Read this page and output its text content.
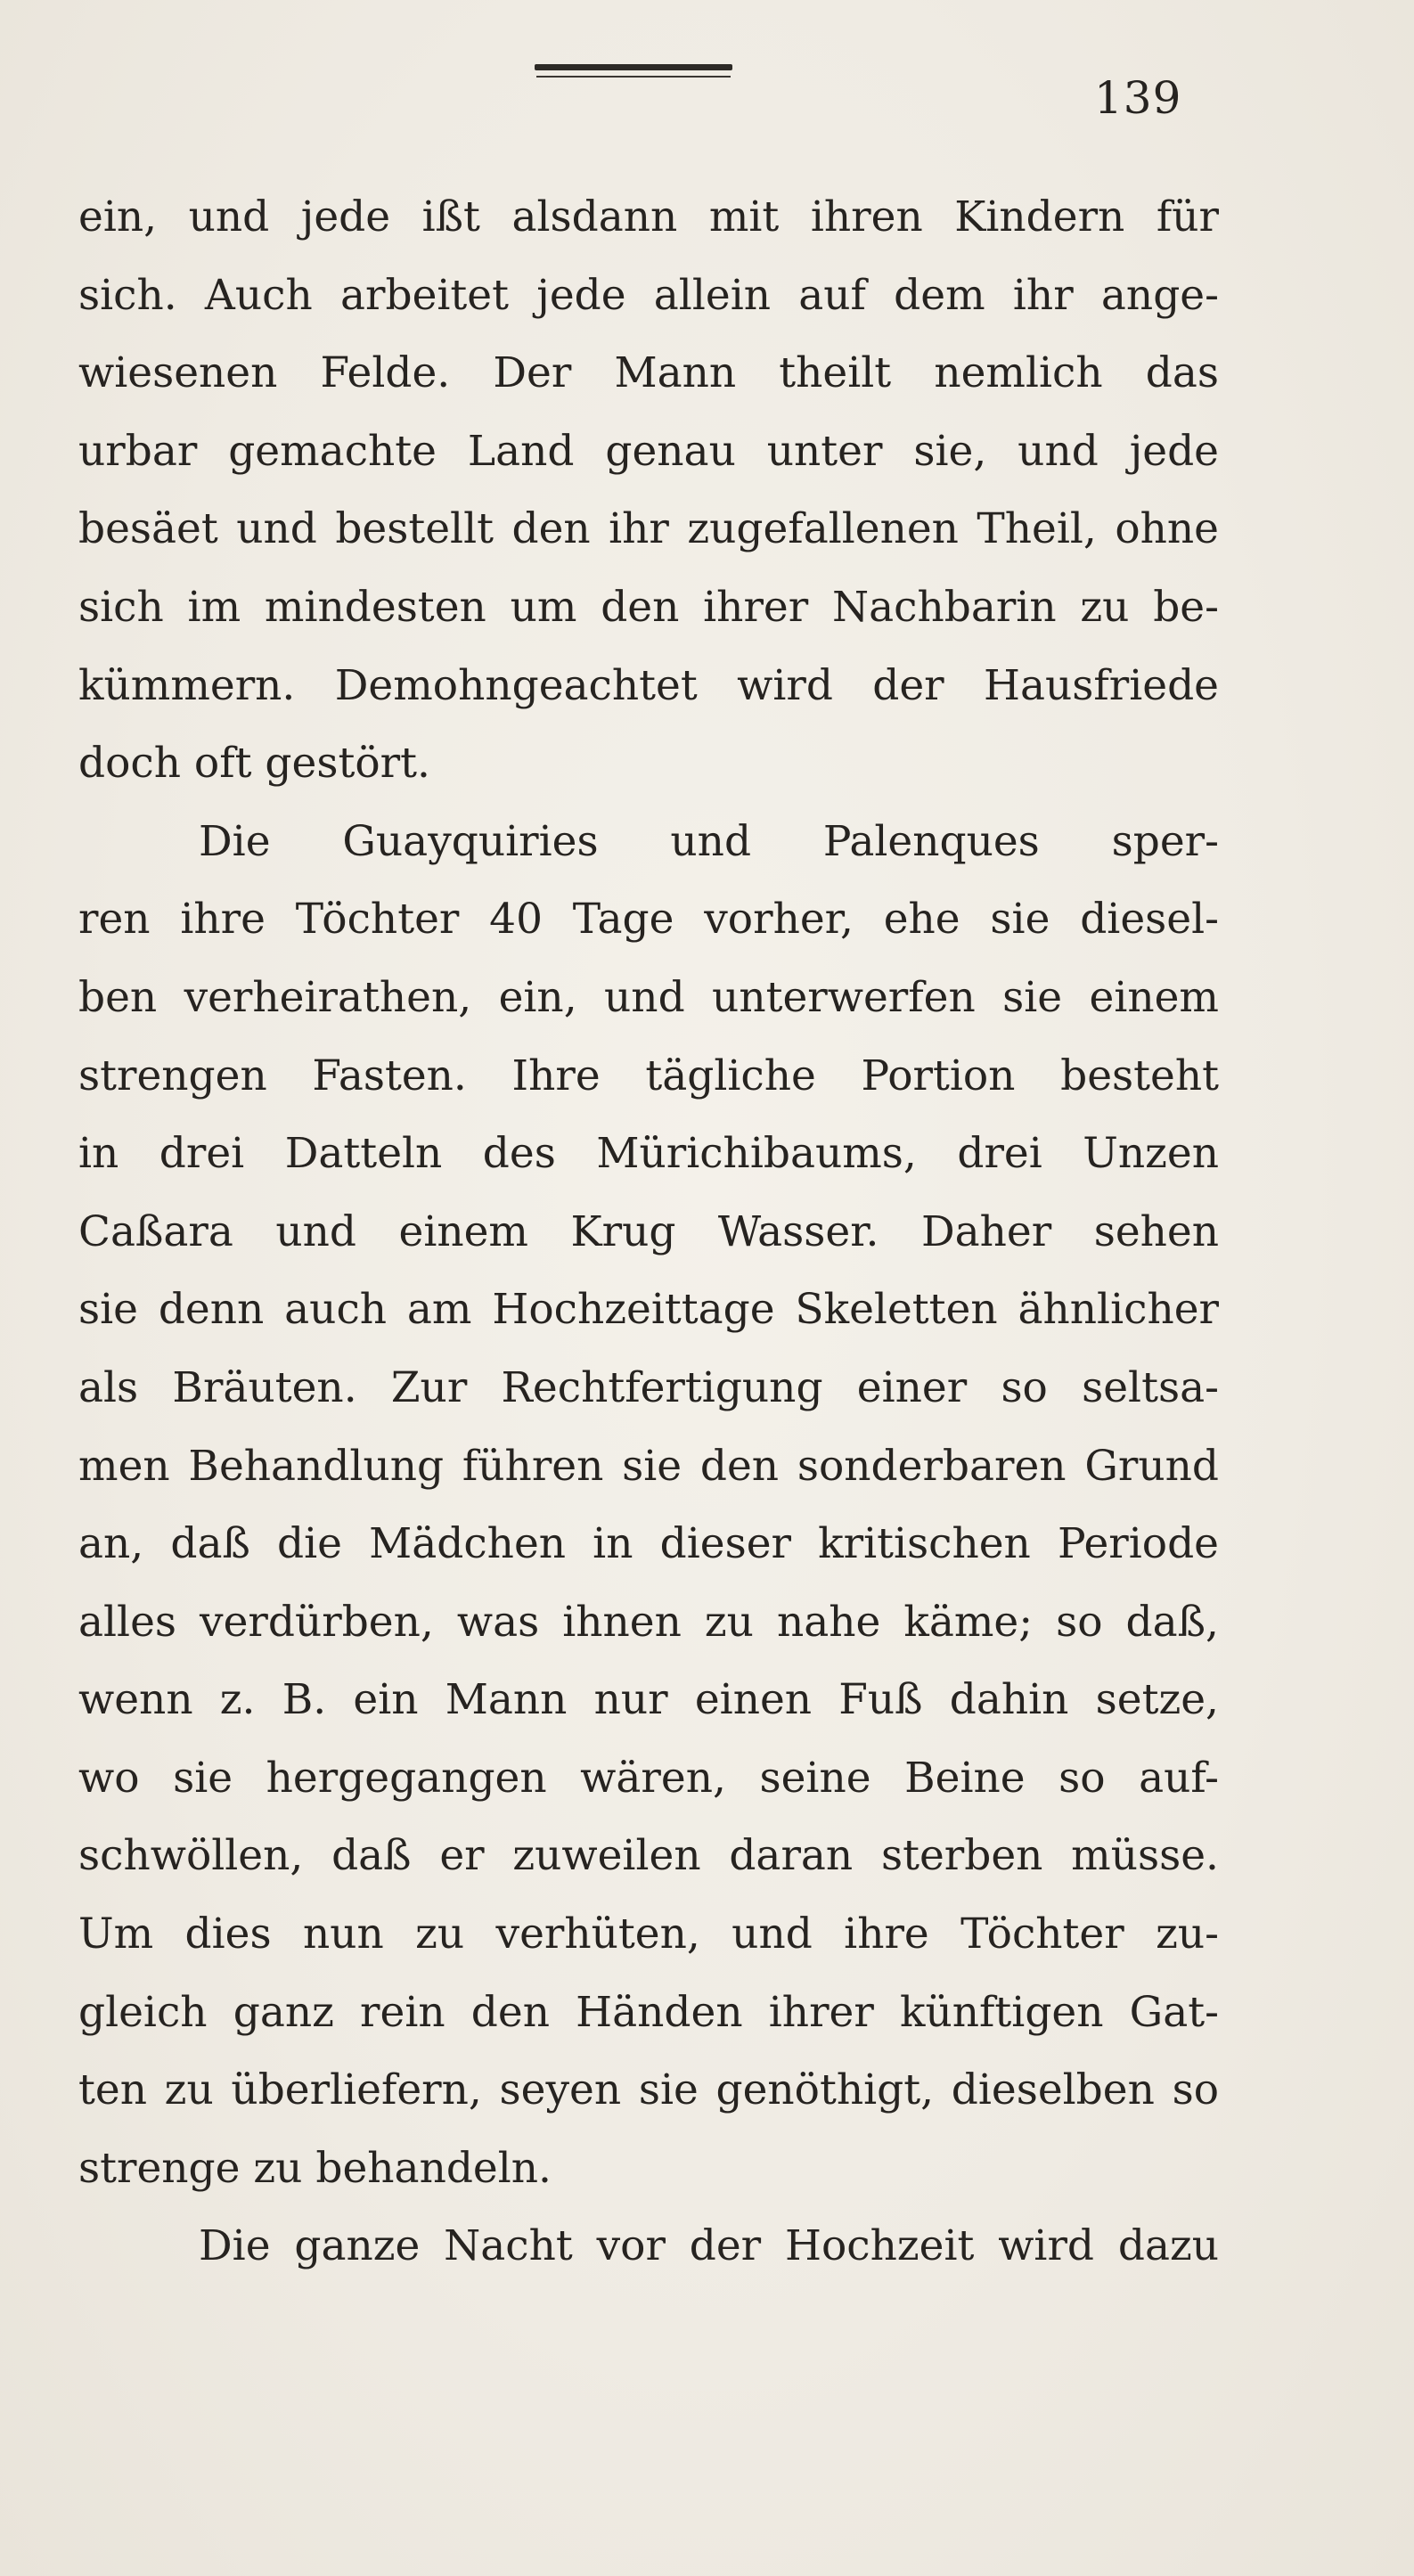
139
ein, und jede ißt alsdann mit ihren Kindern für
sich. Auch arbeitet jede allein auf dem ihr ange-
wiesenen Felde. Der Mann theilt nemlich das
urbar gemachte Land genau unter sie, und jede
besäet und bestellt den ihr zugefallenen Theil, ohne
sich im mindesten um den ihrer Nachbarin zu be-
kümmern. Demohngeachtet wird der Hausfriede
doch oft gestört.
Die Guayquiries und Palenques sper-
ren ihre Töchter 40 Tage vorher, ehe sie diesel-
ben verheirathen, ein, und unterwerfen sie einem
strengen Fasten. Ihre tägliche Portion besteht
in drei Datteln des Mürichibaums, drei Unzen
Caßara und einem Krug Wasser. Daher sehen
sie denn auch am Hochzeittage Skeletten ähnlicher
als Bräuten. Zur Rechtfertigung einer so seltsa-
men Behandlung führen sie den sonderbaren Grund
an, daß die Mädchen in dieser kritischen Periode
alles verdürben, was ihnen zu nahe käme; so daß,
wenn z. B. ein Mann nur einen Fuß dahin setze,
wo sie hergegangen wären, seine Beine so auf-
schwöllen, daß er zuweilen daran sterben müsse.
Um dies nun zu verhüten, und ihre Töchter zu-
gleich ganz rein den Händen ihrer künftigen Gat-
ten zu überliefern, seyen sie genöthigt, dieselben so
strenge zu behandeln.
Die ganze Nacht vor der Hochzeit wird dazu
